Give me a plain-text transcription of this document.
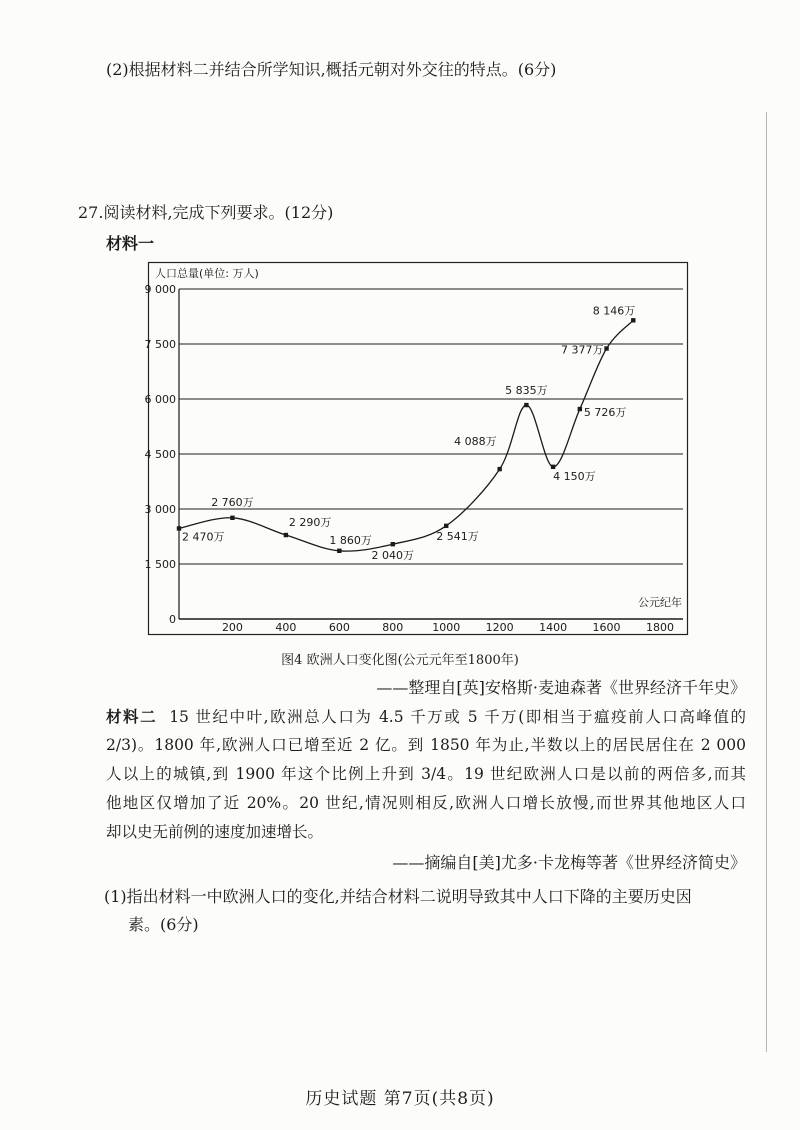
(2)根据材料二并结合所学知识,概括元朝对外交往的特点。(6分)
27.阅读材料,完成下列要求。(12分)
材料一
0
1 500
3 000
4 500
6 000
7 500
9 000
200	400	600	800	1000 1200 1400 1600 1800
人口总量(单位: 万人)
公元纪年
2 470万
2 760万
2 290万
1 860万
2 040万
2 541万
4 088万
5 835万
4 150万
5 726万
7 377万
8 146万
图4 欧洲人口变化图(公元元年至1800年)
——整理自[英]安格斯·麦迪森著《世界经济千年史》
材料二 15 世纪中叶,欧洲总人口为 4.5 千万或 5 千万(即相当于瘟疫前人口高峰值的
2/3)。1800 年,欧洲人口已增至近 2 亿。到 1850 年为止,半数以上的居民居住在 2 000
人以上的城镇,到 1900 年这个比例上升到 3/4。19 世纪欧洲人口是以前的两倍多,而其
他地区仅增加了近 20%。20 世纪,情况则相反,欧洲人口增长放慢,而世界其他地区人口
却以史无前例的速度加速增长。
——摘编自[美]尤多·卡龙梅等著《世界经济简史》
(1)指出材料一中欧洲人口的变化,并结合材料二说明导致其中人口下降的主要历史因
素。(6分)
历史试题 第7页(共8页)
